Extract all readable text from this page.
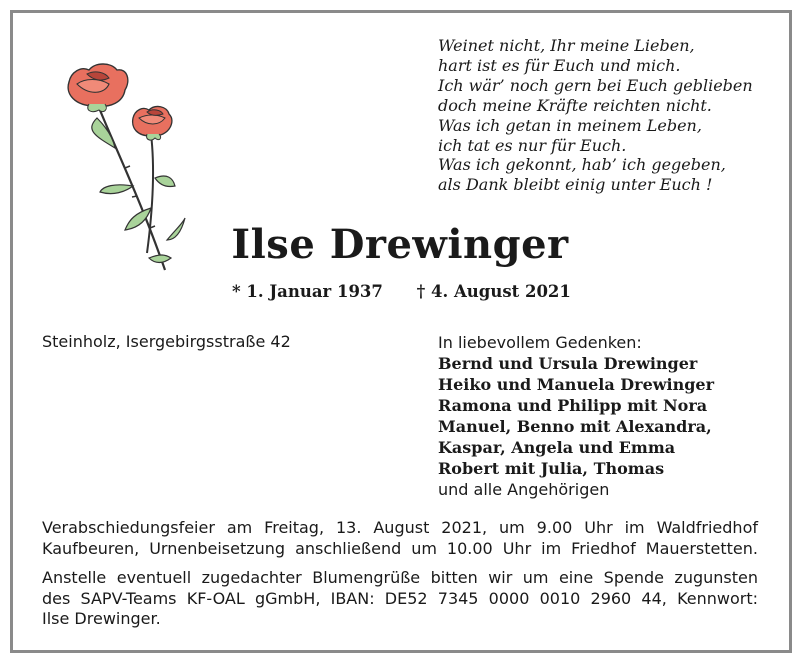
Weinet nicht, Ihr meine Lieben,
hart ist es für Euch und mich.
Ich wär’ noch gern bei Euch geblieben
doch meine Kräfte reichten nicht.
Was ich getan in meinem Leben,
ich tat es nur für Euch.
Was ich gekonnt, hab’ ich gegeben,
als Dank bleibt einig unter Euch !
Ilse Drewinger
* 1. Januar 1937 † 4. August 2021
Steinholz, Isergebirgsstraße 42	In liebevollem Gedenken:
Bernd und Ursula Drewinger
Heiko und Manuela Drewinger
Ramona und Philipp mit Nora
Manuel, Benno mit Alexandra,
Kaspar, Angela und Emma
Robert mit Julia, Thomas
und alle Angehörigen

Verabschiedungsfeier am Freitag, 13. August 2021, um 9.00 Uhr im Waldfriedhof

Kaufbeuren, Urnenbeisetzung anschließend um 10.00 Uhr im Friedhof Mauerstetten.

Anstelle eventuell zugedachter Blumengrüße bitten wir um eine Spende zugunsten

des SAPV-Teams KF-OAL gGmbH, IBAN: DE52 7345 0000 0010 2960 44, Kennwort:

Ilse Drewinger.
